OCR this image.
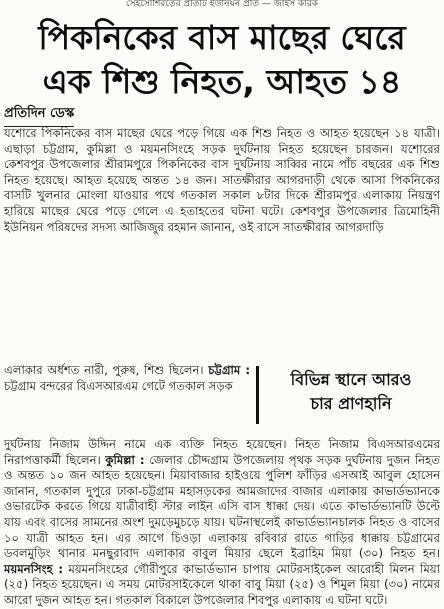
সেইসোশিরতের প্রতিটি ইউনিয়ন প্রতি — জাইস কারক
পিকনিকের বাস মাছের ঘেরে
এক শিশু নিহত, আহত ১৪
প্রতিদিন ডেস্ক

যশোরে পিকনিকের বাস মাছের ঘেরে পড়ে গিয়ে এক শিশু নিহত ও আহত হয়েছেন ১৪ যাত্রী। এছাড়া চট্টগ্রাম, কুমিল্লা ও ময়মনসিংহে সড়ক দুর্ঘটনায় নিহত হয়েছেন চারজন। যশোরের কেশবপুর উপজেলার শ্রীরামপুরে পিকনিকের বাস দুর্ঘটনায় সাব্বির নামে পাঁচ বছরের এক শিশু নিহত হয়েছে। আহত হয়েছে অন্তত ১৪ জন। সাতক্ষীরার আগরদাড়ী থেকে আসা পিকনিকের বাসটি খুলনার মোংলা যাওয়ার পথে গতকাল সকাল ৮টার দিকে শ্রীরামপুর এলাকায় নিয়ন্ত্রণ হারিয়ে মাছের ঘেরে পড়ে গেলে এ হতাহতের ঘটনা ঘটে। কেশবপুর উপজেলার ত্রিমোহিনী ইউনিয়ন পরিষদের সদস্য আজিজুর রহমান জানান, ওই বাসে সাতক্ষীরার আগরদাড়ি

এলাকার অর্ধশত নারী, পুরুষ, শিশু ছিলেন। চট্টগ্রাম : চট্টগ্রাম বন্দরের বিএসআরএম গেটে গতকাল সড়ক	বিভিন্ন স্থানে আরও
চার প্রাণহানি

দুর্ঘটনায় নিজাম উদ্দিন নামে এক ব্যক্তি নিহত হয়েছেন। নিহত নিজাম বিএসআরএমের নিরাপত্তাকর্মী ছিলেন। কুমিল্লা : জেলার চৌদ্দগ্রাম উপজেলায় পৃথক সড়ক দুর্ঘটনায় দুজন নিহত ও অন্তত ১০ জন আহত হয়েছেন। মিয়াবাজার হাইওয়ে পুলিশ ফাঁড়ির এসআই আবুল হোসেন জানান, গতকাল দুপুরে ঢাকা-চট্টগ্রাম মহাসড়কের আমজাদের বাজার এলাকায় কাভার্ডভ্যানকে ওভারটেক করতে গিয়ে যাত্রীবাহী স্টার লাইন এসি বাস ধাক্কা দেয়। এতে কাভার্ডভ্যানটি উল্টে যায় এবং বাসের সামনের অংশ দুমড়েমুচড়ে যায়। ঘটনাস্থলেই কাভার্ডভ্যানচালক নিহত ও বাসের ১০ যাত্রী আহত হন। এর আগে চিওড়া এলাকায় রবিবার রাতে গাড়ির ধাক্কায় চট্টগ্রামের ডবলমুড়িং থানার মনছুরাবাদ এলাকার বাবুল মিয়ার ছেলে ইব্রাহিম মিয়া (৩০) নিহত হন। ময়মনসিংহ : ময়মনসিংহের গৌরীপুরে কাভার্ডভ্যান চাপায় মোটরসাইকেল আরোহী মিলন মিয়া (২৫) নিহত হয়েছেন। এ সময় মোটরসাইকেলে থাকা বাবু মিয়া (২৫) ও শিমুল মিয়া (৩০) নামের আরো দুজন আহত হন। গতকাল বিকালে উপজেলার শিবপুর এলাকায় এ ঘটনা ঘটে।
